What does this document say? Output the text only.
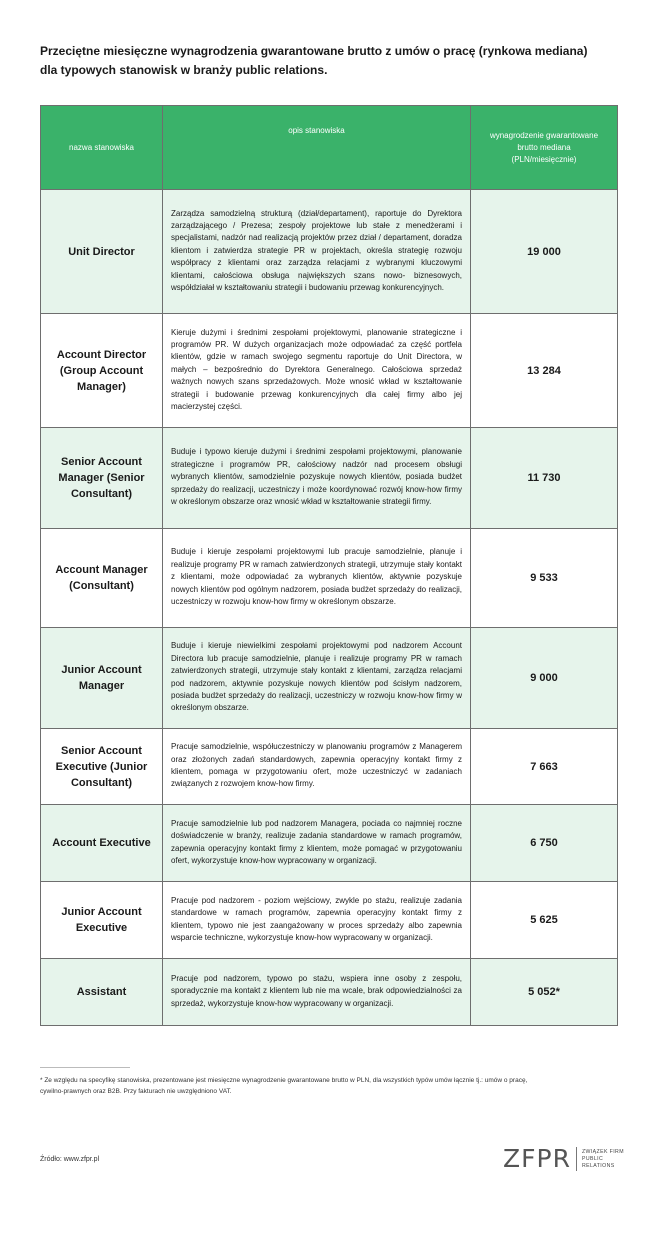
Przeciętne miesięczne wynagrodzenia gwarantowane brutto z umów o pracę (rynkowa mediana)
dla typowych stanowisk w branży public relations.
nazwa stanowiska	opis stanowiska	wynagrodzenie gwarantowane
brutto mediana
(PLN/miesięcznie)

Unit Director	Zarządza samodzielną strukturą (dział/departament), raportuje do Dyrektora zarządzającego / Prezesa; zespoły projektowe lub stałe z menedżerami i specjalistami, nadzór nad realizacją projektów przez dział / departament, doradza klientom i zatwierdza strategie PR w projektach, określa strategię rozwoju współpracy z klientami oraz zarządza relacjami z wybranymi kluczowymi klientami, całościowa obsługa największych szans nowo- biznesowych, współdziałał w kształtowaniu strategii i budowaniu przewag konkurencyjnych.	19 000
Account Director (Group Account Manager)	Kieruje dużymi i średnimi zespołami projektowymi, planowanie strategiczne i programów PR. W dużych organizacjach może odpowiadać za część portfela klientów, gdzie w ramach swojego segmentu raportuje do Unit Directora, w małych – bezpośrednio do Dyrektora Generalnego. Całościowa sprzedaż ważnych nowych szans sprzedażowych. Może wnosić wkład w kształtowanie strategii i budowanie przewag konkurencyjnych dla całej firmy albo jej macierzystej części.	13 284
Senior Account Manager (Senior Consultant)	Buduje i typowo kieruje dużymi i średnimi zespołami projektowymi, planowanie strategiczne i programów PR, całościowy nadzór nad procesem obsługi wybranych klientów, samodzielnie pozyskuje nowych klientów, posiada budżet sprzedaży do realizacji, uczestniczy i może koordynować rozwój know-how firmy w określonym obszarze oraz wnosić wkład w kształtowanie strategii firmy.	11 730
Account Manager (Consultant)	Buduje i kieruje zespołami projektowymi lub pracuje samodzielnie, planuje i realizuje programy PR w ramach zatwierdzonych strategii, utrzymuje stały kontakt z klientami, może odpowiadać za wybranych klientów, aktywnie pozyskuje nowych klientów pod ogólnym nadzorem, posiada budżet sprzedaży do realizacji, uczestniczy w rozwoju know-how firmy w określonym obszarze.	9 533
Junior Account Manager	Buduje i kieruje niewielkimi zespołami projektowymi pod nadzorem Account Directora lub pracuje samodzielnie, planuje i realizuje programy PR w ramach zatwierdzonych strategii, utrzymuje stały kontakt z klientami, zarządza relacjami pod nadzorem, aktywnie pozyskuje nowych klientów pod ścisłym nadzorem, posiada budżet sprzedaży do realizacji, uczestniczy w rozwoju know-how firmy w określonym obszarze.	9 000
Senior Account Executive (Junior Consultant)	Pracuje samodzielnie, współuczestniczy w planowaniu programów z Managerem oraz złożonych zadań standardowych, zapewnia operacyjny kontakt firmy z klientem, pomaga w przygotowaniu ofert, może uczestniczyć w zadaniach związanych z rozwojem know-how firmy.	7 663
Account Executive	Pracuje samodzielnie lub pod nadzorem Managera, pociada co najmniej roczne doświadczenie w branży, realizuje zadania standardowe w ramach programów, zapewnia operacyjny kontakt firmy z klientem, może pomagać w przygotowaniu ofert, wykorzystuje know-how wypracowany w organizacji.	6 750
Junior Account Executive	Pracuje pod nadzorem - poziom wejściowy, zwykle po stażu, realizuje zadania standardowe w ramach programów, zapewnia operacyjny kontakt firmy z klientem, typowo nie jest zaangażowany w proces sprzedaży albo zapewnia wsparcie techniczne, wykorzystuje know-how wypracowany w organizacji.	5 625
Assistant	Pracuje pod nadzorem, typowo po stażu, wspiera inne osoby z zespołu, sporadycznie ma kontakt z klientem lub nie ma wcale, brak odpowiedzialności za sprzedaż, wykorzystuje know-how wypracowany w organizacji.	5 052*
* Ze względu na specyfikę stanowiska, prezentowane jest miesięczne wynagrodzenie gwarantowane brutto w PLN, dla wszystkich typów umów łącznie tj.: umów o pracę,
cywilno-prawnych oraz B2B. Przy fakturach nie uwzględniono VAT.
Źródło: www.zfpr.pl	ZFPR ZWIĄZEK FIRM
PUBLIC
RELATIONS
